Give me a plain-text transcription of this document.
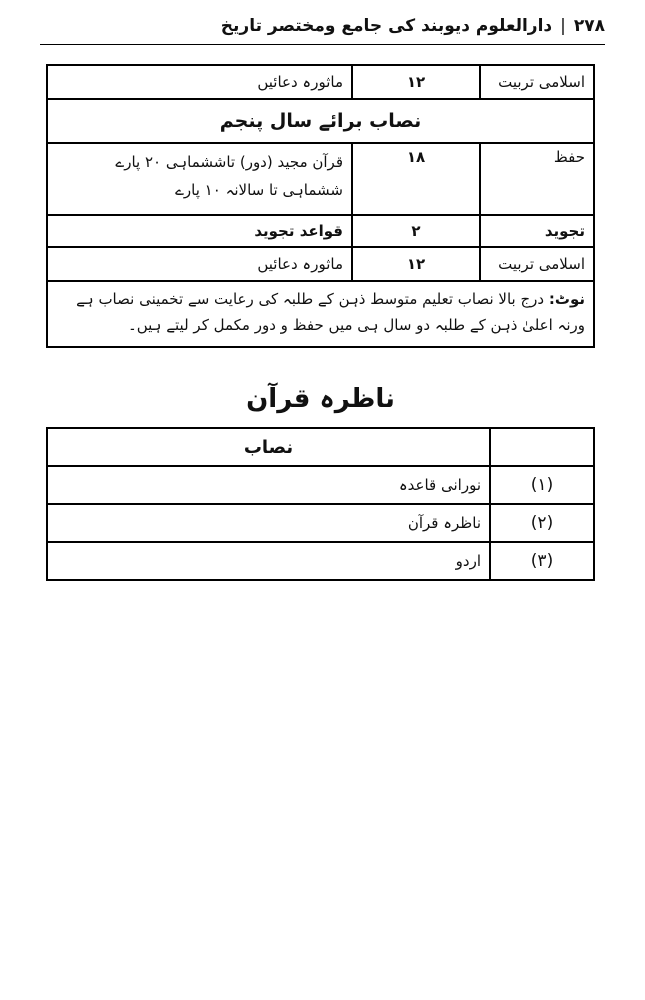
۲۷۸
|
دارالعلوم دیوبند کی جامع ومختصر تاریخ
اسلامی تربیت	۱۲	ماثورہ دعائیں
نصاب برائے سال پنجم		
حفظ	۱۸	قرآن مجید (دور) تاششماہی ۲۰ پارے
ششماہی تا سالانہ ۱۰ پارے

تجوید	۲	قواعد تجوید
اسلامی تربیت	۱۲	ماثورہ دعائیں
نوٹ: درج بالا نصاب تعلیم متوسط ذہن کے طلبہ کی رعایت سے تخمینی نصاب ہے ورنہ اعلیٰ ذہن کے طلبہ دو سال ہی میں حفظ و دور مکمل کر لیتے ہیں۔		
ناظرہ قرآن
	نصاب
(۱)	نورانی قاعدہ
(۲)	ناظرہ قرآن
(۳)	اردو
